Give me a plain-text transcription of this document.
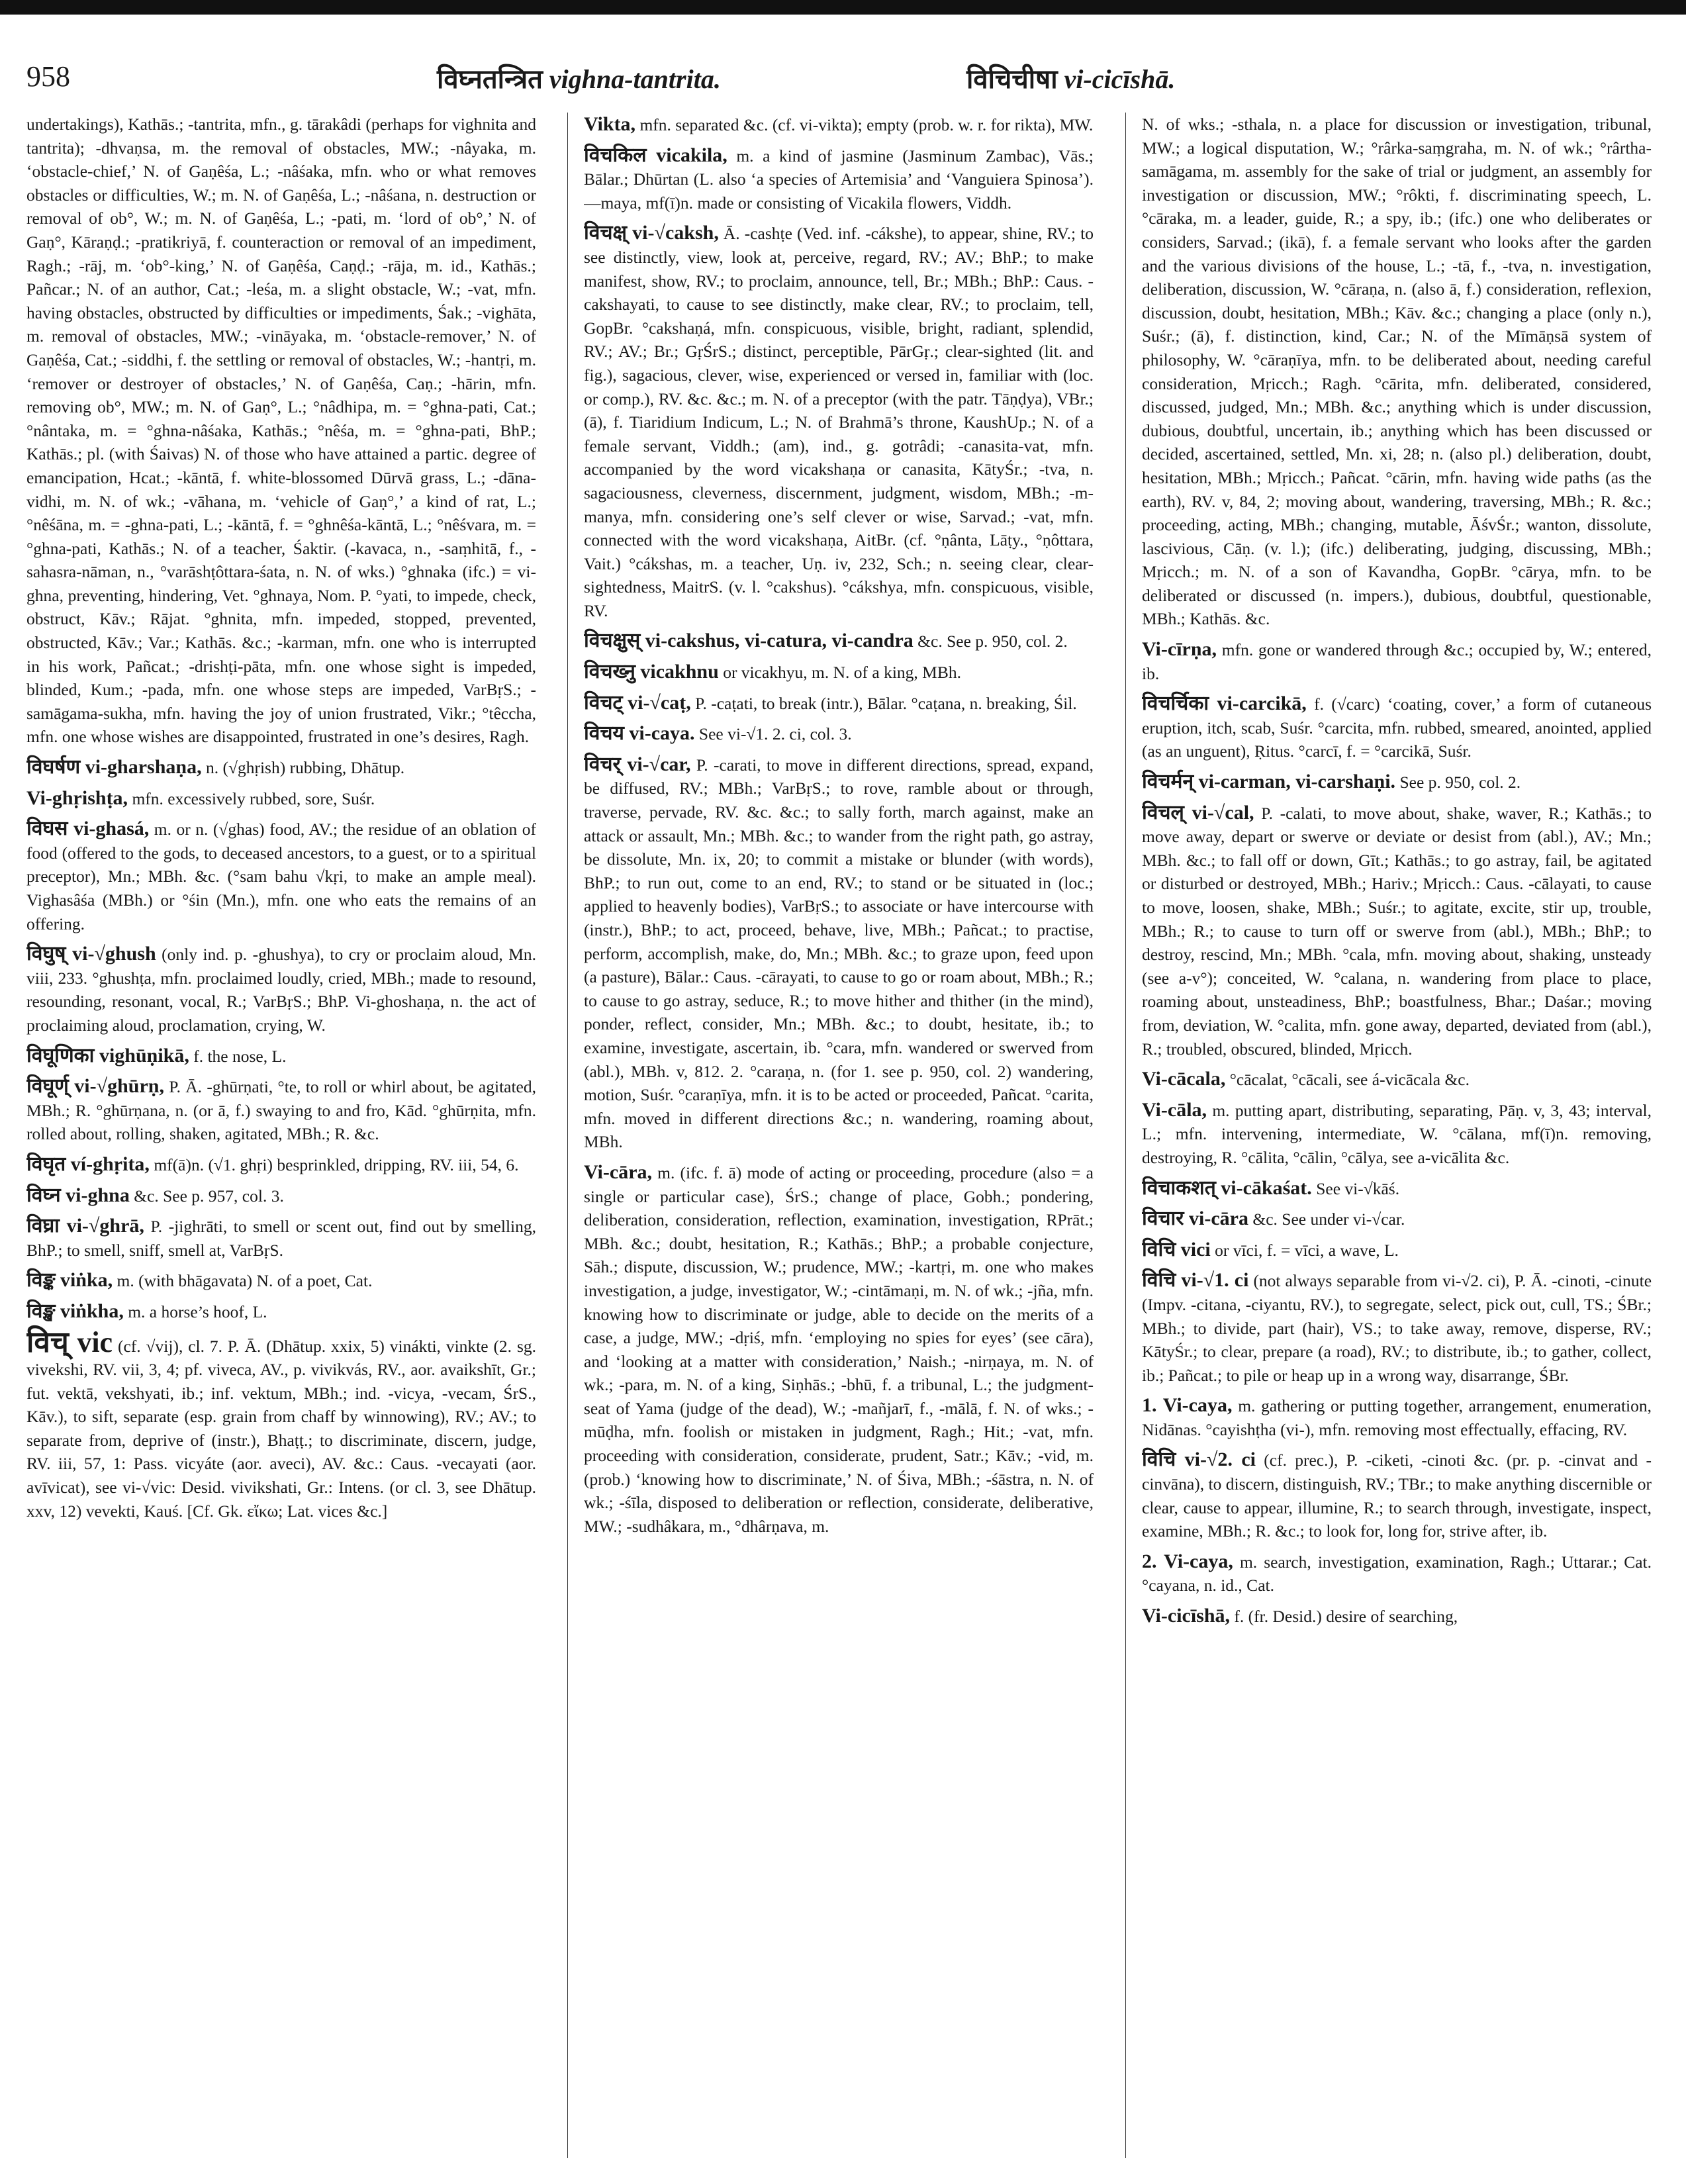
958	विघ्नतन्त्रित vighna-tantrita.	विचिचीषा vi-cicīshā.

undertakings), Kathās.; -tantrita, mfn., g. tārakâdi (perhaps for vighnita and tantrita); -dhvaṇsa, m. the removal of obstacles, MW.; -nâyaka, m. ‘obstacle-chief,’ N. of Gaṇêśa, L.; -nâśaka, mfn. who or what removes obstacles or difficulties, W.; m. N. of Gaṇêśa, L.; -nâśana, n. destruction or removal of ob°, W.; m. N. of Gaṇêśa, L.; -pati, m. ‘lord of ob°,’ N. of Gaṇ°, Kāraṇḍ.; -pratikriyā, f. counteraction or removal of an impediment, Ragh.; -rāj, m. ‘ob°-king,’ N. of Gaṇêśa, Caṇḍ.; -rāja, m. id., Kathās.; Pañcar.; N. of an author, Cat.; -leśa, m. a slight obstacle, W.; -vat, mfn. having obstacles, obstructed by difficulties or impediments, Śak.; -vighāta, m. removal of obstacles, MW.; -vināyaka, m. ‘obstacle-remover,’ N. of Gaṇêśa, Cat.; -siddhi, f. the settling or removal of obstacles, W.; -hantṛi, m. ‘remover or destroyer of obstacles,’ N. of Gaṇêśa, Caṇ.; -hārin, mfn. removing ob°, MW.; m. N. of Gaṇ°, L.; °nâdhipa, m. = °ghna-pati, Cat.; °nântaka, m. = °ghna-nâśaka, Kathās.; °nêśa, m. = °ghna-pati, BhP.; Kathās.; pl. (with Śaivas) N. of those who have attained a partic. degree of emancipation, Hcat.; -kāntā, f. white-blossomed Dūrvā grass, L.; -dāna-vidhi, m. N. of wk.; -vāhana, m. ‘vehicle of Gaṇ°,’ a kind of rat, L.; °nêśāna, m. = -ghna-pati, L.; -kāntā, f. = °ghnêśa-kāntā, L.; °nêśvara, m. = °ghna-pati, Kathās.; N. of a teacher, Śaktir. (-kavaca, n., -saṃhitā, f., -sahasra-nāman, n., °varāshṭôttara-śata, n. N. of wks.) °ghnaka (ifc.) = vi-ghna, preventing, hindering, Vet. °ghnaya, Nom. P. °yati, to impede, check, obstruct, Kāv.; Rājat. °ghnita, mfn. impeded, stopped, prevented, obstructed, Kāv.; Var.; Kathās. &c.; -karman, mfn. one who is interrupted in his work, Pañcat.; -drishṭi-pāta, mfn. one whose sight is impeded, blinded, Kum.; -pada, mfn. one whose steps are impeded, VarBṛS.; -samāgama-sukha, mfn. having the joy of union frustrated, Vikr.; °têccha, mfn. one whose wishes are disappointed, frustrated in one’s desires, Ragh.

विघर्षण vi-gharshaṇa, n. (√ghṛish) rubbing, Dhātup.

Vi-ghṛishṭa, mfn. excessively rubbed, sore, Suśr.

विघस vi-ghasá, m. or n. (√ghas) food, AV.; the residue of an oblation of food (offered to the gods, to deceased ancestors, to a guest, or to a spiritual preceptor), Mn.; MBh. &c. (°sam bahu √kṛi, to make an ample meal). Vighasâśa (MBh.) or °śin (Mn.), mfn. one who eats the remains of an offering.

विघुष् vi-√ghush (only ind. p. -ghushya), to cry or proclaim aloud, Mn. viii, 233. °ghushṭa, mfn. proclaimed loudly, cried, MBh.; made to resound, resounding, resonant, vocal, R.; VarBṛS.; BhP. Vi-ghoshaṇa, n. the act of proclaiming aloud, proclamation, crying, W.

विघूणिका vighūṇikā, f. the nose, L.

विघूर्ण् vi-√ghūrṇ, P. Ā. -ghūrṇati, °te, to roll or whirl about, be agitated, MBh.; R. °ghūrṇana, n. (or ā, f.) swaying to and fro, Kād. °ghūrṇita, mfn. rolled about, rolling, shaken, agitated, MBh.; R. &c.

विघृत ví-ghṛita, mf(ā)n. (√1. ghṛi) besprinkled, dripping, RV. iii, 54, 6.

विघ्न vi-ghna &c. See p. 957, col. 3.

विघ्रा vi-√ghrā, P. -jighrāti, to smell or scent out, find out by smelling, BhP.; to smell, sniff, smell at, VarBṛS.

विङ्क viṅka, m. (with bhāgavata) N. of a poet, Cat.

विङ्ख viṅkha, m. a horse’s hoof, L.

विच् vic (cf. √vij), cl. 7. P. Ā. (Dhātup. xxix, 5) vinákti, vinkte (2. sg. vivekshi, RV. vii, 3, 4; pf. viveca, AV., p. vivikvás, RV., aor. avaikshīt, Gr.; fut. vektā, vekshyati, ib.; inf. vektum, MBh.; ind. -vicya, -vecam, ŚrS., Kāv.), to sift, separate (esp. grain from chaff by winnowing), RV.; AV.; to separate from, deprive of (instr.), Bhaṭṭ.; to discriminate, discern, judge, RV. iii, 57, 1: Pass. vicyáte (aor. aveci), AV. &c.: Caus. -vecayati (aor. avīvicat), see vi-√vic: Desid. vivikshati, Gr.: Intens. (or cl. 3, see Dhātup. xxv, 12) vevekti, Kauś. [Cf. Gk. εἴκω; Lat. vices &c.]

Vikta, mfn. separated &c. (cf. vi-vikta); empty (prob. w. r. for rikta), MW.

विचकिल vicakila, m. a kind of jasmine (Jasminum Zambac), Vās.; Bālar.; Dhūrtan (L. also ‘a species of Artemisia’ and ‘Vanguiera Spinosa’). —maya, mf(ī)n. made or consisting of Vicakila flowers, Viddh.

विचक्ष् vi-√caksh, Ā. -cashṭe (Ved. inf. -cákshe), to appear, shine, RV.; to see distinctly, view, look at, perceive, regard, RV.; AV.; BhP.; to make manifest, show, RV.; to proclaim, announce, tell, Br.; MBh.; BhP.: Caus. -cakshayati, to cause to see distinctly, make clear, RV.; to proclaim, tell, GopBr. °cakshaṇá, mfn. conspicuous, visible, bright, radiant, splendid, RV.; AV.; Br.; GṛŚrS.; distinct, perceptible, PārGṛ.; clear-sighted (lit. and fig.), sagacious, clever, wise, experienced or versed in, familiar with (loc. or comp.), RV. &c. &c.; m. N. of a preceptor (with the patr. Tāṇḍya), VBr.; (ā), f. Tiaridium Indicum, L.; N. of Brahmā’s throne, KaushUp.; N. of a female servant, Viddh.; (am), ind., g. gotrâdi; -canasita-vat, mfn. accompanied by the word vicakshaṇa or canasita, KātyŚr.; -tva, n. sagaciousness, cleverness, discernment, judgment, wisdom, MBh.; -m-manya, mfn. considering one’s self clever or wise, Sarvad.; -vat, mfn. connected with the word vicakshaṇa, AitBr. (cf. °ṇânta, Lāṭy., °ṇôttara, Vait.) °cákshas, m. a teacher, Uṇ. iv, 232, Sch.; n. seeing clear, clear-sightedness, MaitrS. (v. l. °cakshus). °cákshya, mfn. conspicuous, visible, RV.

विचक्षुस् vi-cakshus, vi-catura, vi-candra &c. See p. 950, col. 2.

विचख्नु vicakhnu or vicakhyu, m. N. of a king, MBh.

विचट् vi-√caṭ, P. -caṭati, to break (intr.), Bālar. °caṭana, n. breaking, Śil.

विचय vi-caya. See vi-√1. 2. ci, col. 3.

विचर् vi-√car, P. -carati, to move in different directions, spread, expand, be diffused, RV.; MBh.; VarBṛS.; to rove, ramble about or through, traverse, pervade, RV. &c. &c.; to sally forth, march against, make an attack or assault, Mn.; MBh. &c.; to wander from the right path, go astray, be dissolute, Mn. ix, 20; to commit a mistake or blunder (with words), BhP.; to run out, come to an end, RV.; to stand or be situated in (loc.; applied to heavenly bodies), VarBṛS.; to associate or have intercourse with (instr.), BhP.; to act, proceed, behave, live, MBh.; Pañcat.; to practise, perform, accomplish, make, do, Mn.; MBh. &c.; to graze upon, feed upon (a pasture), Bālar.: Caus. -cārayati, to cause to go or roam about, MBh.; R.; to cause to go astray, seduce, R.; to move hither and thither (in the mind), ponder, reflect, consider, Mn.; MBh. &c.; to doubt, hesitate, ib.; to examine, investigate, ascertain, ib. °cara, mfn. wandered or swerved from (abl.), MBh. v, 812. 2. °caraṇa, n. (for 1. see p. 950, col. 2) wandering, motion, Suśr. °caraṇīya, mfn. it is to be acted or proceeded, Pañcat. °carita, mfn. moved in different directions &c.; n. wandering, roaming about, MBh.

Vi-cāra, m. (ifc. f. ā) mode of acting or proceeding, procedure (also = a single or particular case), ŚrS.; change of place, Gobh.; pondering, deliberation, consideration, reflection, examination, investigation, RPrāt.; MBh. &c.; doubt, hesitation, R.; Kathās.; BhP.; a probable conjecture, Sāh.; dispute, discussion, W.; prudence, MW.; -kartṛi, m. one who makes investigation, a judge, investigator, W.; -cintāmaṇi, m. N. of wk.; -jña, mfn. knowing how to discriminate or judge, able to decide on the merits of a case, a judge, MW.; -dṛiś, mfn. ‘employing no spies for eyes’ (see cāra), and ‘looking at a matter with consideration,’ Naish.; -nirṇaya, m. N. of wk.; -para, m. N. of a king, Siṇhās.; -bhū, f. a tribunal, L.; the judgment-seat of Yama (judge of the dead), W.; -mañjarī, f., -mālā, f. N. of wks.; -mūḍha, mfn. foolish or mistaken in judgment, Ragh.; Hit.; -vat, mfn. proceeding with consideration, considerate, prudent, Satr.; Kāv.; -vid, m. (prob.) ‘knowing how to discriminate,’ N. of Śiva, MBh.; -śāstra, n. N. of wk.; -śīla, disposed to deliberation or reflection, considerate, deliberative, MW.; -sudhâkara, m., °dhârṇava, m.

N. of wks.; -sthala, n. a place for discussion or investigation, tribunal, MW.; a logical disputation, W.; °rârka-saṃgraha, m. N. of wk.; °rârtha-samāgama, m. assembly for the sake of trial or judgment, an assembly for investigation or discussion, MW.; °rôkti, f. discriminating speech, L. °cāraka, m. a leader, guide, R.; a spy, ib.; (ifc.) one who deliberates or considers, Sarvad.; (ikā), f. a female servant who looks after the garden and the various divisions of the house, L.; -tā, f., -tva, n. investigation, deliberation, discussion, W. °cāraṇa, n. (also ā, f.) consideration, reflexion, discussion, doubt, hesitation, MBh.; Kāv. &c.; changing a place (only n.), Suśr.; (ā), f. distinction, kind, Car.; N. of the Mīmāṇsā system of philosophy, W. °cāraṇīya, mfn. to be deliberated about, needing careful consideration, Mṛicch.; Ragh. °cārita, mfn. deliberated, considered, discussed, judged, Mn.; MBh. &c.; anything which is under discussion, dubious, doubtful, uncertain, ib.; anything which has been discussed or decided, ascertained, settled, Mn. xi, 28; n. (also pl.) deliberation, doubt, hesitation, MBh.; Mṛicch.; Pañcat. °cārin, mfn. having wide paths (as the earth), RV. v, 84, 2; moving about, wandering, traversing, MBh.; R. &c.; proceeding, acting, MBh.; changing, mutable, ĀśvŚr.; wanton, dissolute, lascivious, Cāṇ. (v. l.); (ifc.) deliberating, judging, discussing, MBh.; Mṛicch.; m. N. of a son of Kavandha, GopBr. °cārya, mfn. to be deliberated or discussed (n. impers.), dubious, doubtful, questionable, MBh.; Kathās. &c.

Vi-cīrṇa, mfn. gone or wandered through &c.; occupied by, W.; entered, ib.

विचर्चिका vi-carcikā, f. (√carc) ‘coating, cover,’ a form of cutaneous eruption, itch, scab, Suśr. °carcita, mfn. rubbed, smeared, anointed, applied (as an unguent), Ṛitus. °carcī, f. = °carcikā, Suśr.

विचर्मन् vi-carman, vi-carshaṇi. See p. 950, col. 2.

विचल् vi-√cal, P. -calati, to move about, shake, waver, R.; Kathās.; to move away, depart or swerve or deviate or desist from (abl.), AV.; Mn.; MBh. &c.; to fall off or down, Gīt.; Kathās.; to go astray, fail, be agitated or disturbed or destroyed, MBh.; Hariv.; Mṛicch.: Caus. -cālayati, to cause to move, loosen, shake, MBh.; Suśr.; to agitate, excite, stir up, trouble, MBh.; R.; to cause to turn off or swerve from (abl.), MBh.; BhP.; to destroy, rescind, Mn.; MBh. °cala, mfn. moving about, shaking, unsteady (see a-v°); conceited, W. °calana, n. wandering from place to place, roaming about, unsteadiness, BhP.; boastfulness, Bhar.; Daśar.; moving from, deviation, W. °calita, mfn. gone away, departed, deviated from (abl.), R.; troubled, obscured, blinded, Mṛicch.

Vi-cācala, °cācalat, °cācali, see á-vicācala &c.

Vi-cāla, m. putting apart, distributing, separating, Pāṇ. v, 3, 43; interval, L.; mfn. intervening, intermediate, W. °cālana, mf(ī)n. removing, destroying, R. °cālita, °cālin, °cālya, see a-vicālita &c.

विचाकशत् vi-cākaśat. See vi-√kāś.

विचार vi-cāra &c. See under vi-√car.

विचि vici or vīci, f. = vīci, a wave, L.

विचि vi-√1. ci (not always separable from vi-√2. ci), P. Ā. -cinoti, -cinute (Impv. -citana, -ciyantu, RV.), to segregate, select, pick out, cull, TS.; ŚBr.; MBh.; to divide, part (hair), VS.; to take away, remove, disperse, RV.; KātyŚr.; to clear, prepare (a road), RV.; to distribute, ib.; to gather, collect, ib.; Pañcat.; to pile or heap up in a wrong way, disarrange, ŚBr.

1. Vi-caya, m. gathering or putting together, arrangement, enumeration, Nidānas. °cayishṭha (vi-), mfn. removing most effectually, effacing, RV.

विचि vi-√2. ci (cf. prec.), P. -ciketi, -cinoti &c. (pr. p. -cinvat and -cinvāna), to discern, distinguish, RV.; TBr.; to make anything discernible or clear, cause to appear, illumine, R.; to search through, investigate, inspect, examine, MBh.; R. &c.; to look for, long for, strive after, ib.

2. Vi-caya, m. search, investigation, examination, Ragh.; Uttarar.; Cat. °cayana, n. id., Cat.

Vi-cicīshā, f. (fr. Desid.) desire of searching,
